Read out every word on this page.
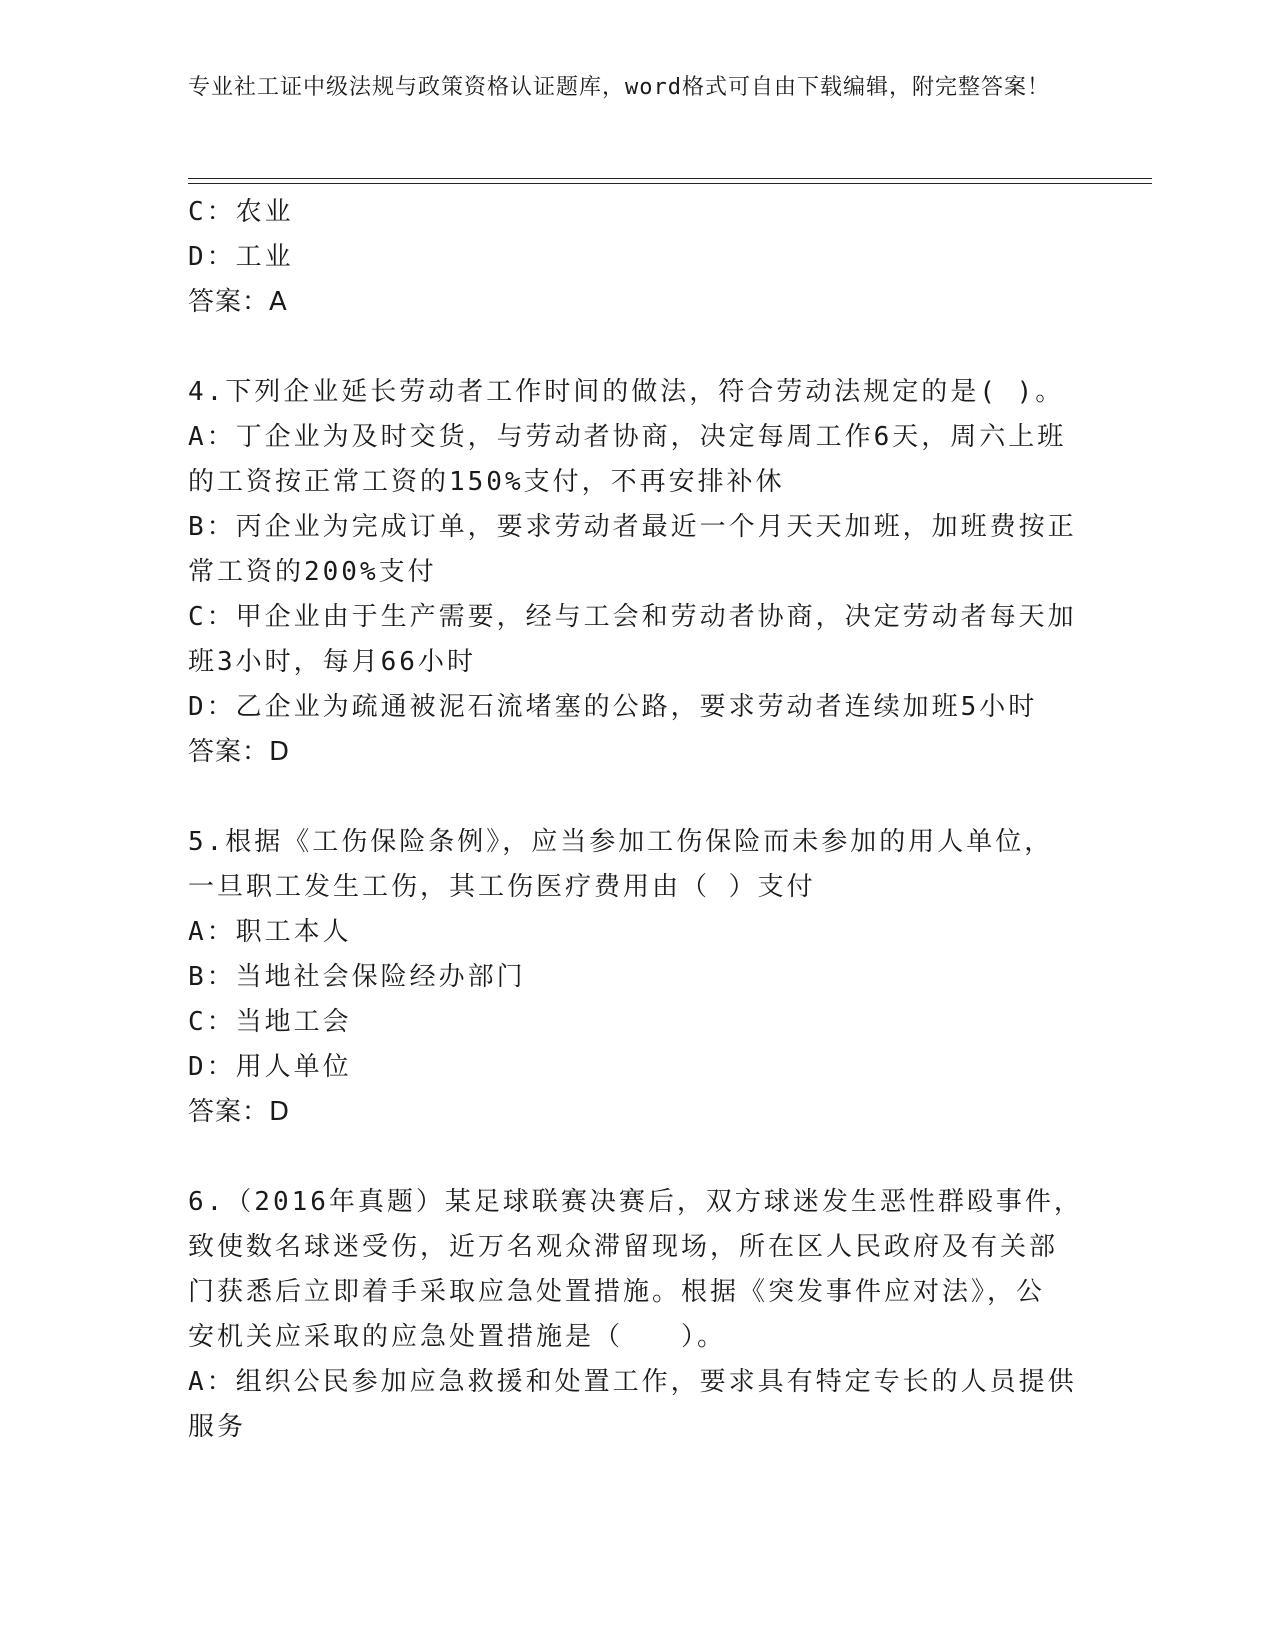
专业社工证中级法规与政策资格认证题库，word格式可自由下载编辑，附完整答案！
C：农业
D：工业
答案：A
4.下列企业延长劳动者工作时间的做法，符合劳动法规定的是( )。
A：丁企业为及时交货，与劳动者协商，决定每周工作6天，周六上班
的工资按正常工资的150%支付，不再安排补休
B：丙企业为完成订单，要求劳动者最近一个月天天加班，加班费按正
常工资的200%支付
C：甲企业由于生产需要，经与工会和劳动者协商，决定劳动者每天加
班3小时，每月66小时
D：乙企业为疏通被泥石流堵塞的公路，要求劳动者连续加班5小时
答案：D
5.根据《工伤保险条例》，应当参加工伤保险而未参加的用人单位，
一旦职工发生工伤，其工伤医疗费用由（ ）支付
A：职工本人
B：当地社会保险经办部门
C：当地工会
D：用人单位
答案：D
6.（2016年真题）某足球联赛决赛后，双方球迷发生恶性群殴事件，
致使数名球迷受伤，近万名观众滞留现场，所在区人民政府及有关部
门获悉后立即着手采取应急处置措施。根据《突发事件应对法》，公
安机关应采取的应急处置措施是（　　）。
A：组织公民参加应急救援和处置工作，要求具有特定专长的人员提供
服务
